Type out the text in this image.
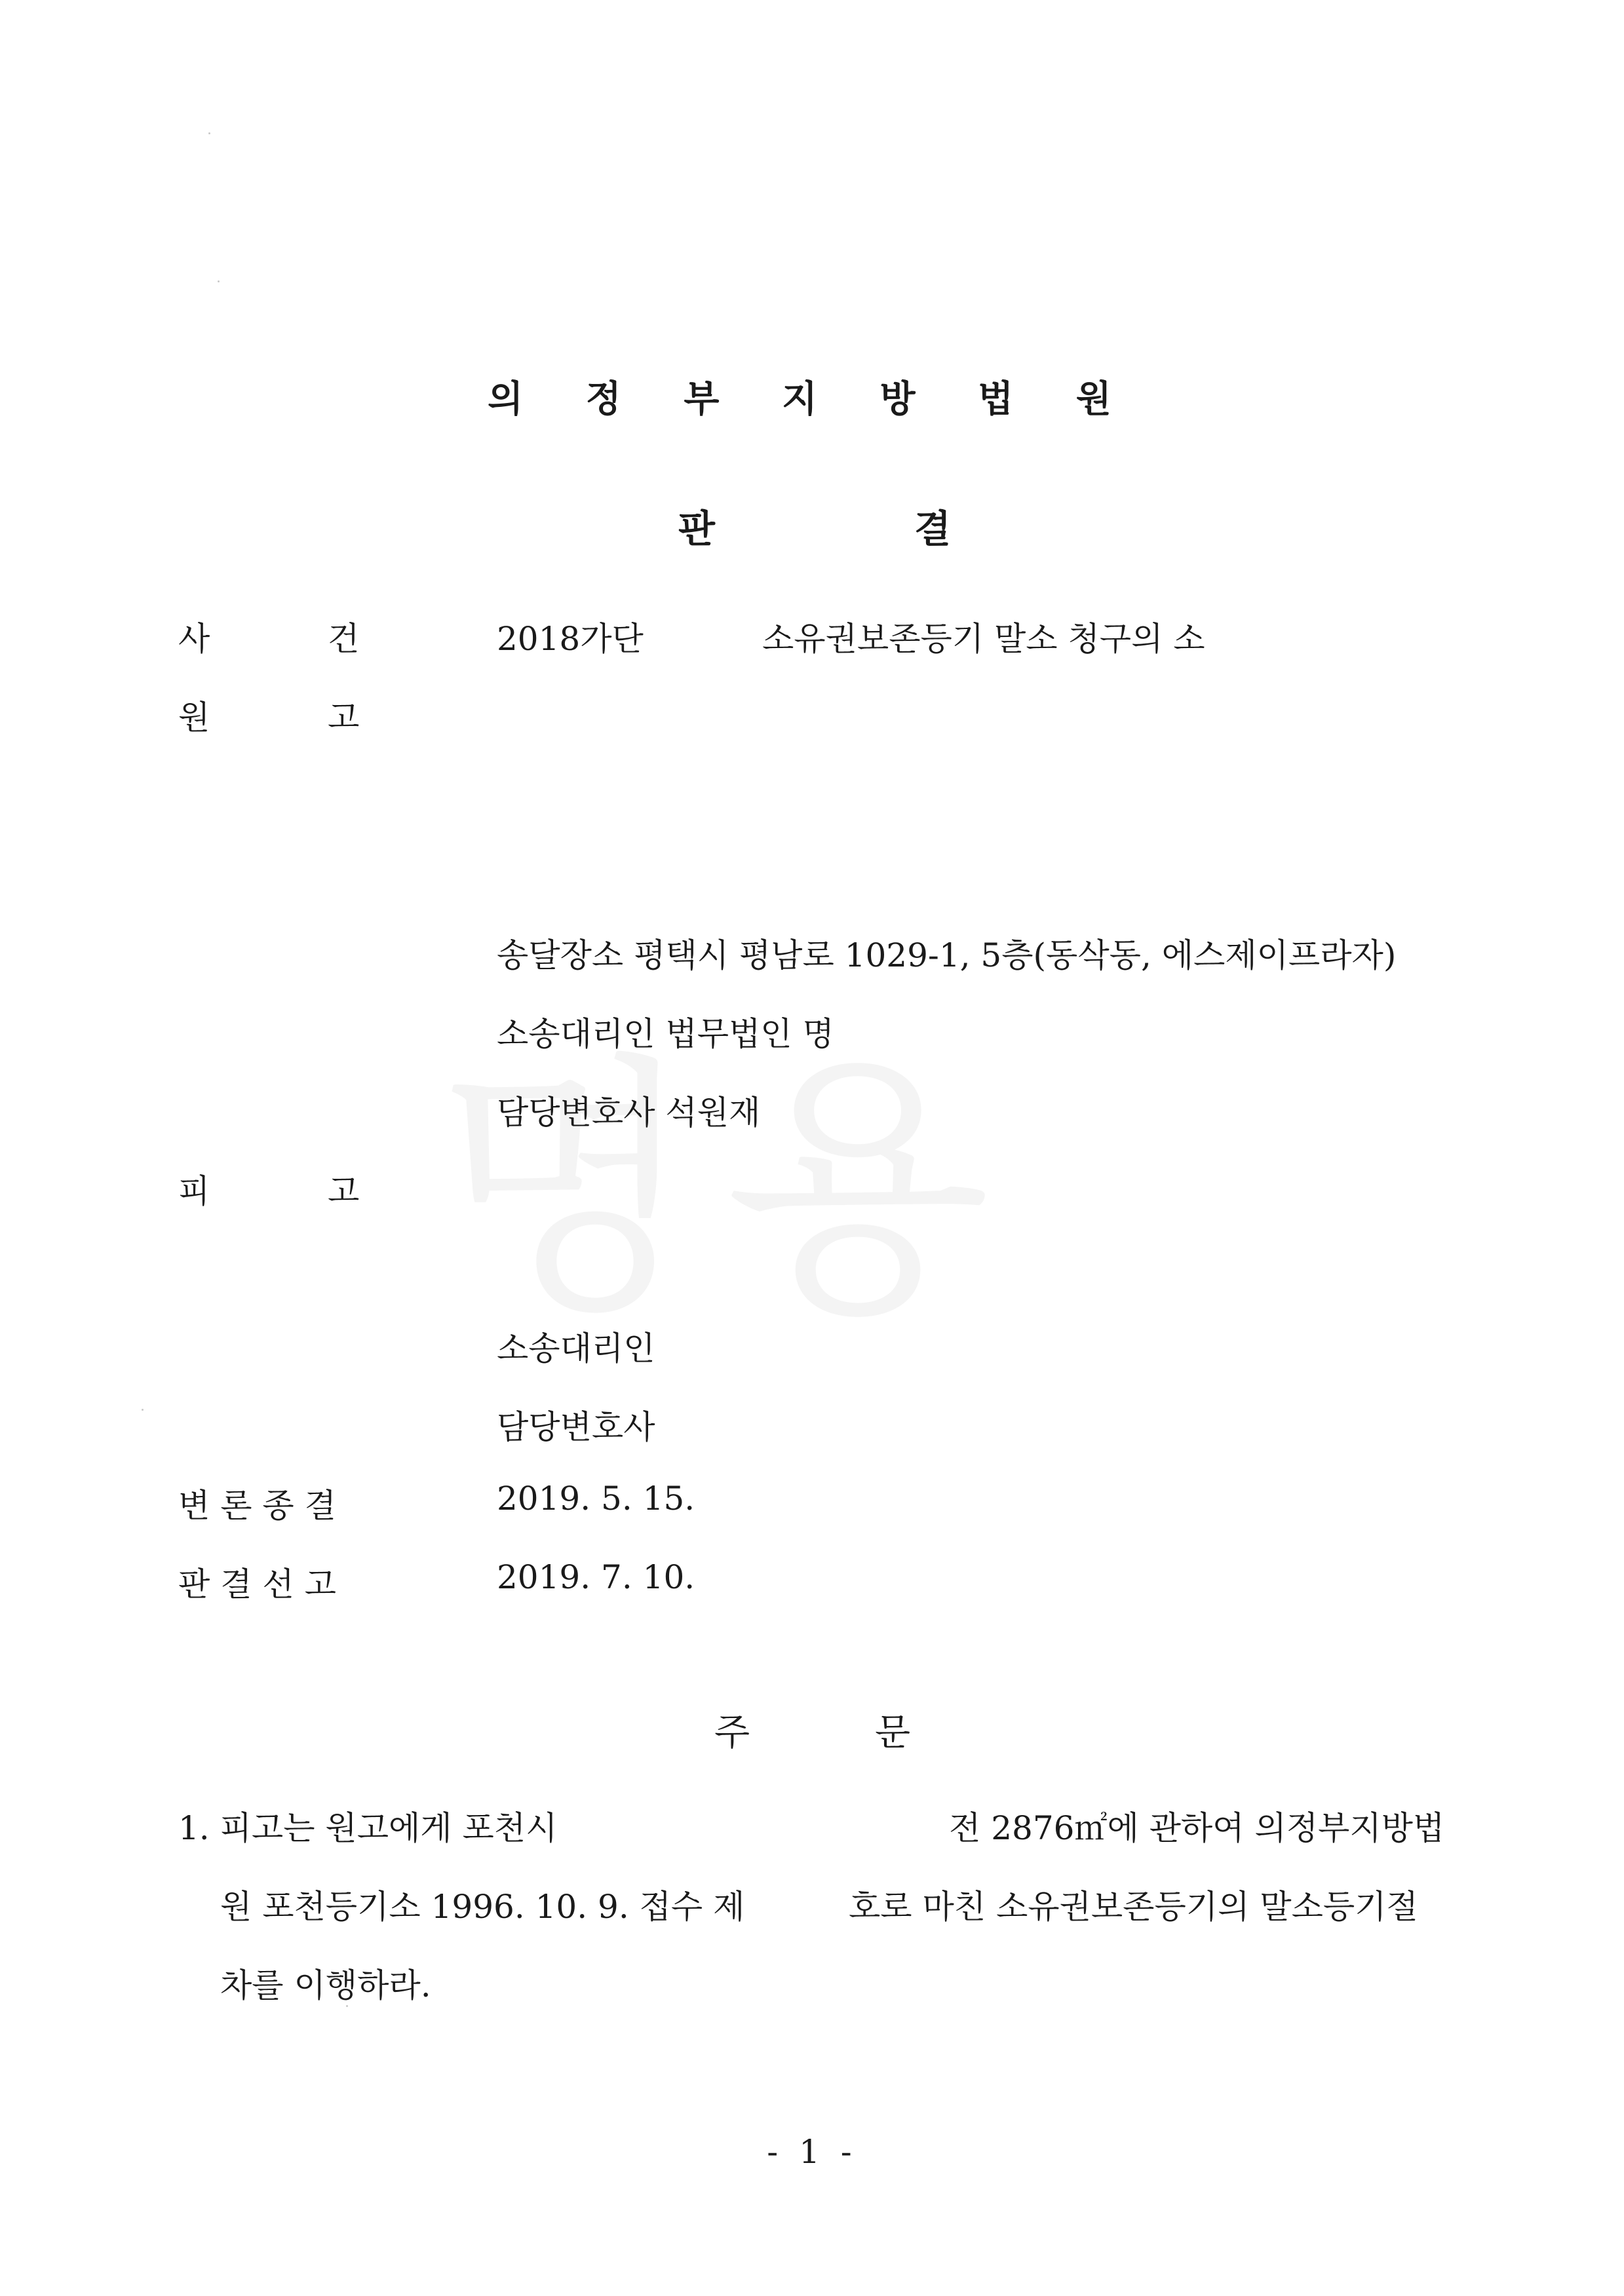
의 정 부 지 방 법 원
판	결
사	건	2018가단	소유권보존등기 말소 청구의 소
원	고
송달장소 평택시 평남로 1029-1, 5층(동삭동, 에스제이프라자)
소송대리인 법무법인 명
담당변호사 석원재
피	고
소송대리인
담당변호사
변 론 종 결	2019. 5. 15.
판 결 선 고	2019. 7. 10.
주	문
1. 피고는 원고에게 포천시	전 2876㎡에 관하여 의정부지방법
원 포천등기소 1996. 10. 9. 접수 제	호로 마친 소유권보존등기의 말소등기절
차를 이행하라.
- 1 -
